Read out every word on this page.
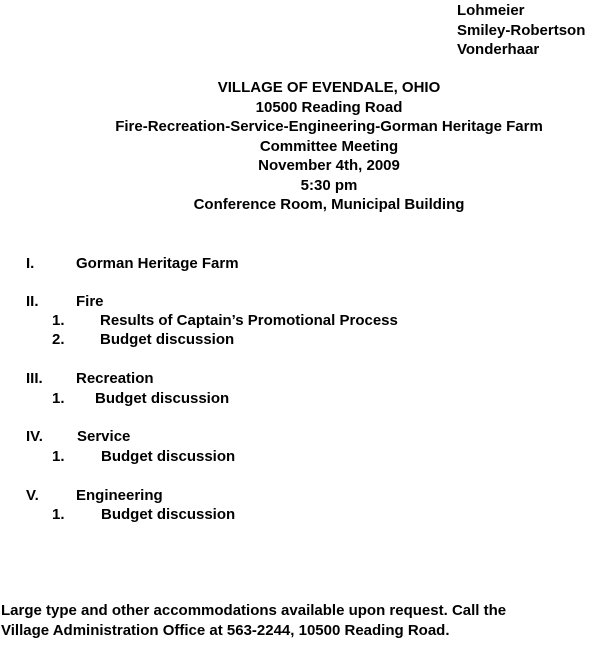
Lohmeier
Smiley-Robertson
Vonderhaar
VILLAGE OF EVENDALE, OHIO
10500 Reading Road
Fire-Recreation-Service-Engineering-Gorman Heritage Farm
Committee Meeting
November 4th, 2009
5:30 pm
Conference Room, Municipal Building
I.	Gorman Heritage Farm
II. Fire
1. Results of Captain’s Promotional Process
2. Budget discussion
III. Recreation
1. Budget discussion
IV. Service
1. Budget discussion
V. Engineering
1. Budget discussion
Large type and other accommodations available upon request. Call the
Village Administration Office at 563-2244, 10500 Reading Road.
